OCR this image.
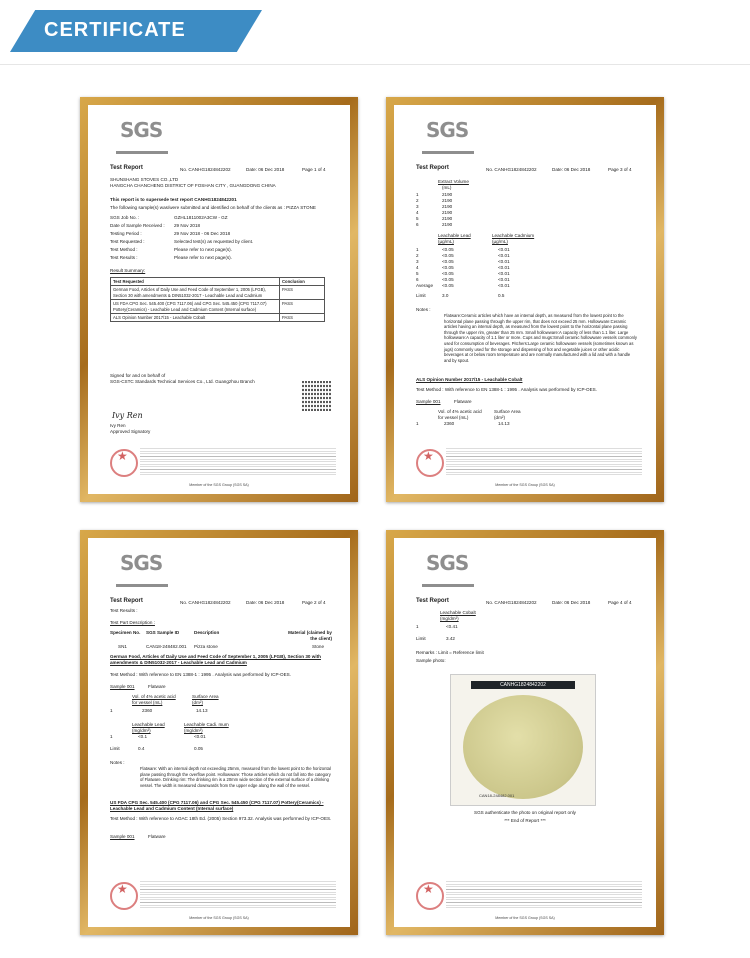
CERTIFICATE
SGS
Test Report	No. CANHG1824842202	Date: 06 Dec 2018	Page 1 of 4
SHUNSHANG STOVES CO.,LTD
HANGCHA CHANCHENG DISTRICT OF FOSHAN CITY , GUANGDONG CHINA
This report is to supersede test report CANHG1824842201
The following sample(s) was/were submitted and identified on behalf of the clients as : PIZZA STONE
SGS Job No. :	GZHL1811002A3CW - GZ
Date of Sample Received : 29 Nov 2018
Testing Period :	29 Nov 2018 - 06 Dec 2018
Test Requested :	Selected test(s) as requested by client.
Test Method :	Please refer to next page(s).
Test Results :	Please refer to next page(s).
Result Summary:
Test Requested	Conclusion
German Food, Articles of Daily Use and Feed Code of September 1, 2005 (LFGB), Section 30 with amendments & DIN51032-2017 - Leachable Lead and Cadmium	PASS
US FDA CPG Sec. 545.400 (CPG 7117.06) and CPG Sec. 545.450 (CPG 7117.07) Pottery(Ceramics) - Leachable Lead and Cadmium Content (Internal surface)	PASS
ALS Opinion Number 2017/15 - Leachable Cobalt	PASS
Signed for and on behalf of
SGS-CSTC Standards Technical Services Co., Ltd. Guangzhou Branch
Ivy Ren
Ivy Ren
Approved Signatory
★
Member of the SGS Group (SGS SA)
SGS
Test Report	No. CANHG1824842202	Date: 06 Dec 2018	Page 3 of 4
Extract Volume
(mL)
1	2190
2	2190
3	2190
4	2190
5	2190
6	2190
Leachable Lead (µg/mL)
Leachable Cadmium (µg/mL)
1	<0.05	<0.01
2	<0.05	<0.01
3	<0.05	<0.01
4	<0.05	<0.01
5	<0.05	<0.01
6	<0.05	<0.01
Average <0.05	<0.01
Limit	3.0	0.5
Notes :
Flatware:Ceramic articles which have an internal depth, as measured from the lowest point to the horizontal plane passing through the upper rim, that does not exceed 25 mm. Hollowware:Ceramic articles having an internal depth, as measured from the lowest point to the horizontal plane passing through the upper rim, greater than 25 mm. Small hollowware:A capacity of less than 1.1 liter. Large hollowware:A capacity of 1.1 liter or more. Cups and mugs:Small ceramic hollowware vessels commonly used for consumption of beverages. Pitchers:Large ceramic hollowware vessels (sometimes known as jugs) commonly used for the storage and dispensing of hot and vegetable juices or other acidic beverages at or below room temperature and are normally manufactured with a lid and with a handle and by spout.
ALS Opinion Number 2017/15 - Leachable Cobalt
Test Method : With reference to EN 1388-1 : 1995 . Analysis was performed by ICP-OES.
Sample 001	Flatware
Vol. of 4% acetic acid for vessel (mL)
Surface Area (dm²)
1	2360	14.13
★
Member of the SGS Group (SGS SA)
SGS
Test Report	No. CANHG1824842202	Date: 06 Dec 2018	Page 2 of 4
Test Results :
Test Part Description :
Specimen No. SGS Sample ID	Description	Material (claimed by the client)
SN1	CAN18-248482.001 Pizza stone	Stone
German Food, Articles of Daily Use and Feed Code of September 1, 2005 (LFGB), Section 30 with amendments & DIN51032-2017 - Leachable Lead and Cadmium
Test Method : With reference to EN 1388-1 : 1995 . Analysis was performed by ICP-OES.
Sample 001	Flatware
Vol. of 4% acetic acid for vessel (mL)
Surface Area (dm²)
1	2360	14.13
Leachable Lead (mg/dm²)
Leachable Cadi. mum (mg/dm²)
1	<0.1	<0.01
Limit	0.4	0.05
Notes :
Flatware: With an internal depth not exceeding 25mm, measured from the lowest point to the horizontal plane passing through the overflow point. Hollowware: Those articles which do not fall into the category of Flatware. Drinking rim: The drinking rim is a 20mm wide section of the external surface of a drinking vessel. The width is measured downwards from the upper edge along the wall of the vessel.
US FDA CPG Sec. 545.400 (CPG 7117.06) and CPG Sec. 545.450 (CPG 7117.07) Pottery(Ceramics) - Leachable Lead and Cadmium Content (Internal surface)
Test Method : With reference to AOAC 18th Ed. (2005) Section 973.32. Analysis was performed by ICP-OES.
Sample 001	Flatware
★
Member of the SGS Group (SGS SA)
SGS
Test Report	No. CANHG1824842202	Date: 06 Dec 2018	Page 4 of 4
Leachable Cobalt (mg/dm²)
1	<0.41
Limit	3.42
Remarks : Limit = Reference limit
Sample photo:
CANHG1824842202
CAN18-248482.001
SGS authenticate the photo on original report only
*** End of Report ***
★
Member of the SGS Group (SGS SA)
